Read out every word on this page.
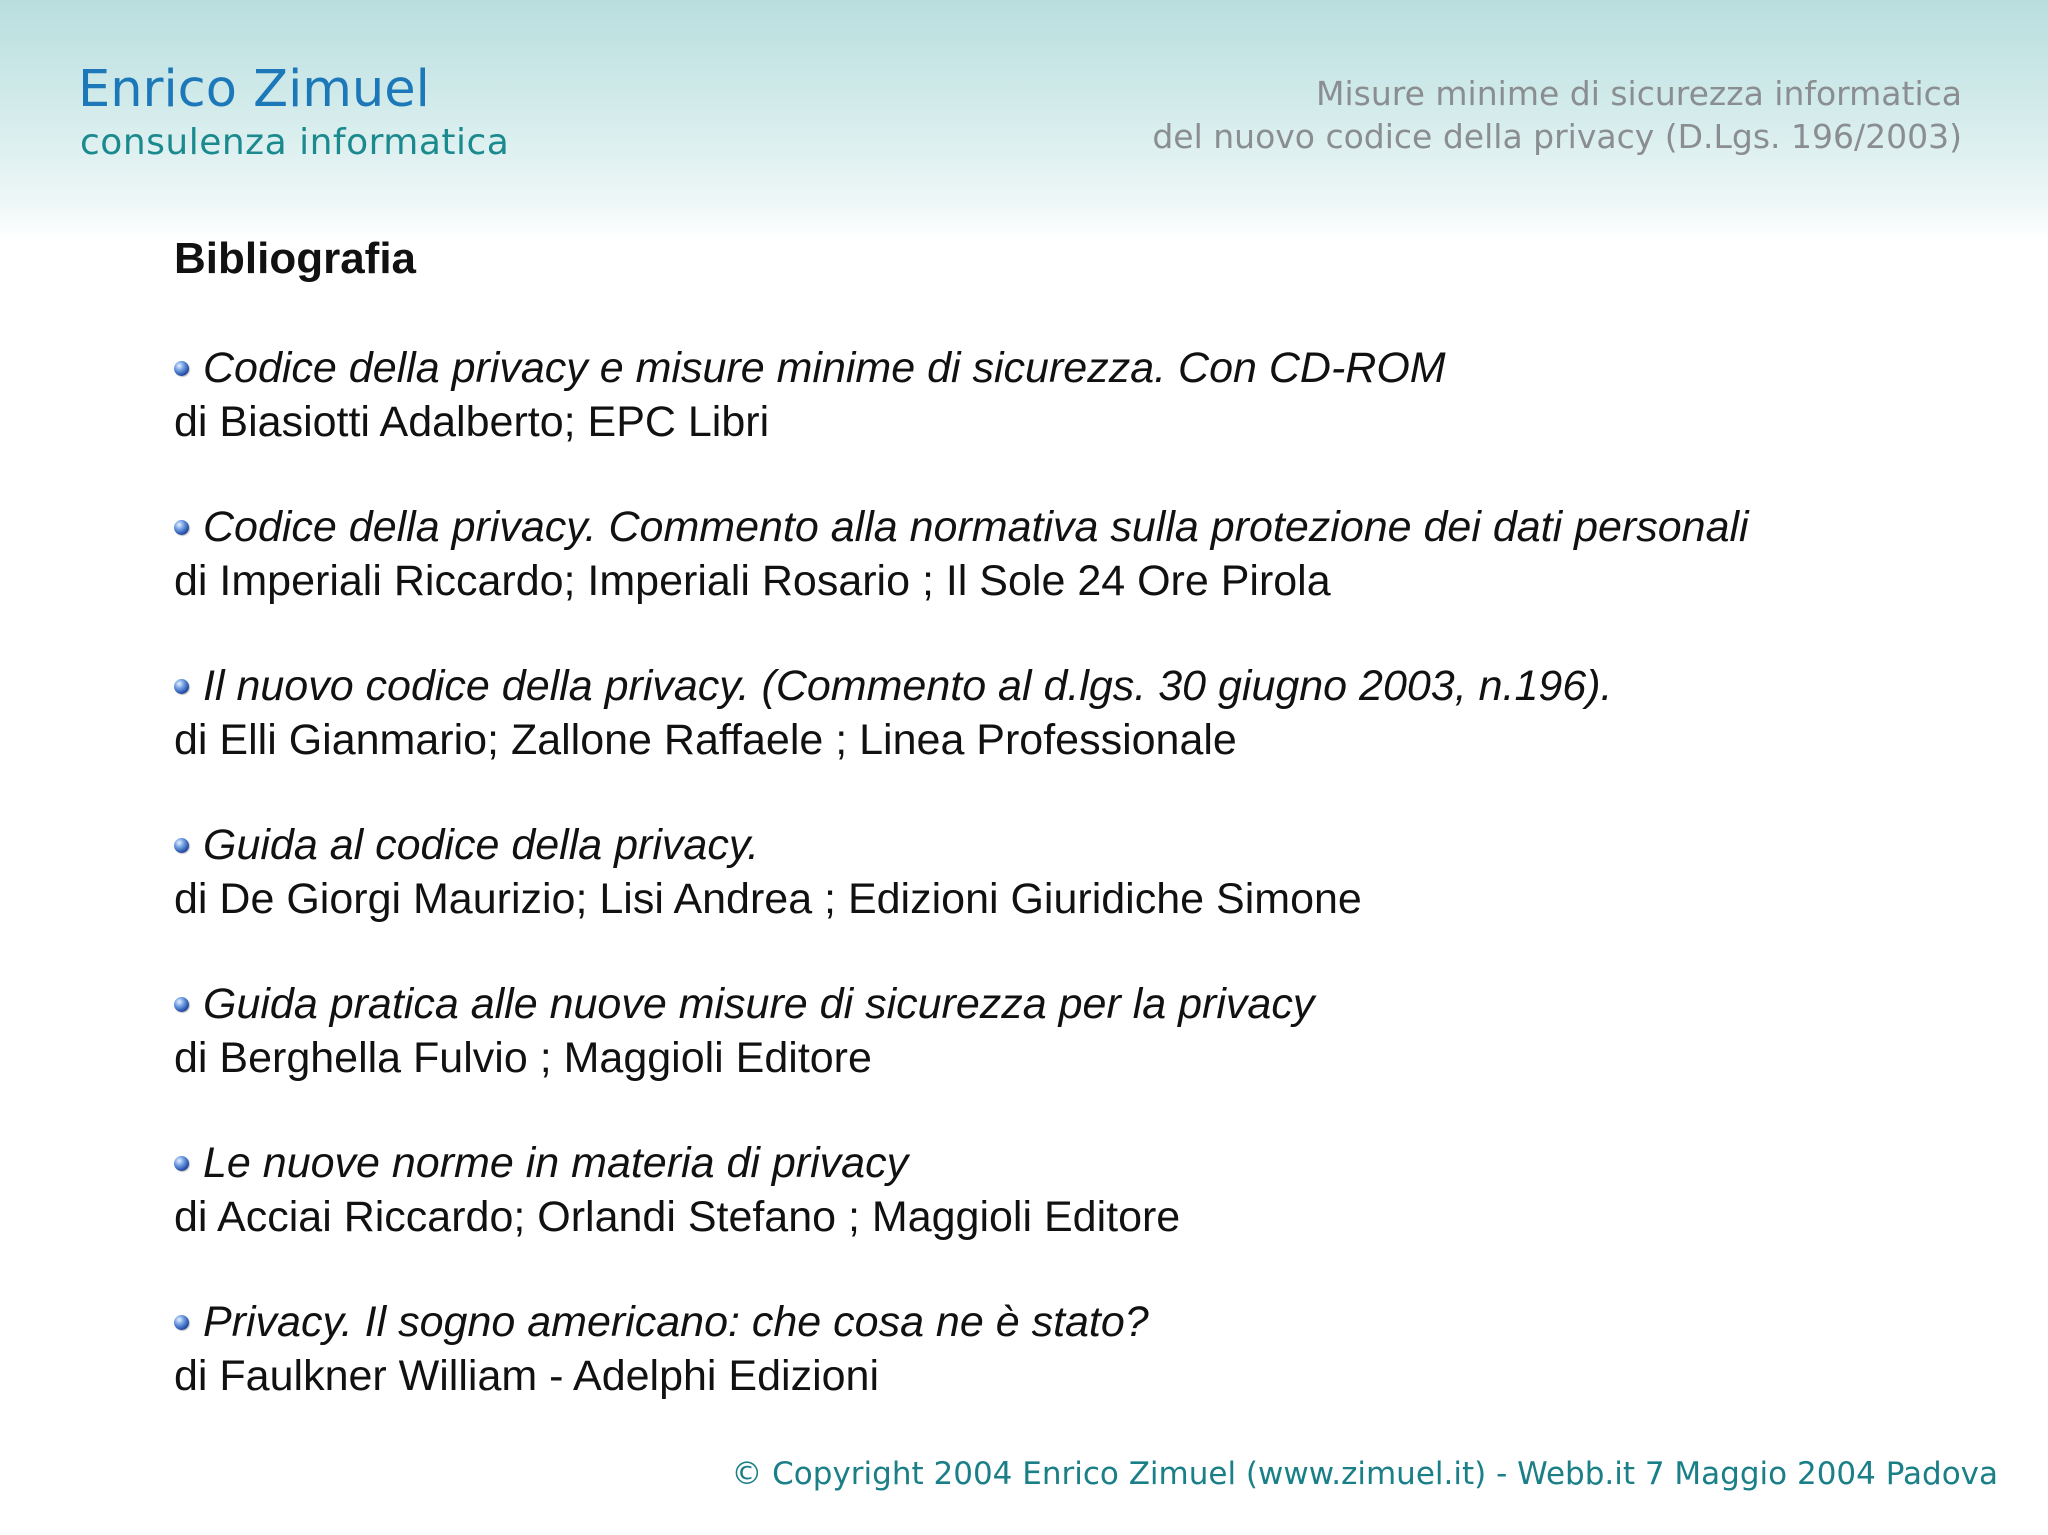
Enrico Zimuel
consulenza informatica
Misure minime di sicurezza informatica
del nuovo codice della privacy (D.Lgs. 196/2003)
Bibliografia
Codice della privacy e misure minime di sicurezza. Con CD-ROM
di Biasiotti Adalberto; EPC Libri
Codice della privacy. Commento alla normativa sulla protezione dei dati personali
di Imperiali Riccardo; Imperiali Rosario ; Il Sole 24 Ore Pirola
Il nuovo codice della privacy. (Commento al d.lgs. 30 giugno 2003, n.196).
di Elli Gianmario; Zallone Raffaele ; Linea Professionale
Guida al codice della privacy.
di De Giorgi Maurizio; Lisi Andrea ; Edizioni Giuridiche Simone
Guida pratica alle nuove misure di sicurezza per la privacy
di Berghella Fulvio ; Maggioli Editore
Le nuove norme in materia di privacy
di Acciai Riccardo; Orlandi Stefano ; Maggioli Editore
Privacy. Il sogno americano: che cosa ne è stato?
di Faulkner William - Adelphi Edizioni
© Copyright 2004 Enrico Zimuel (www.zimuel.it) - Webb.it 7 Maggio 2004 Padova
